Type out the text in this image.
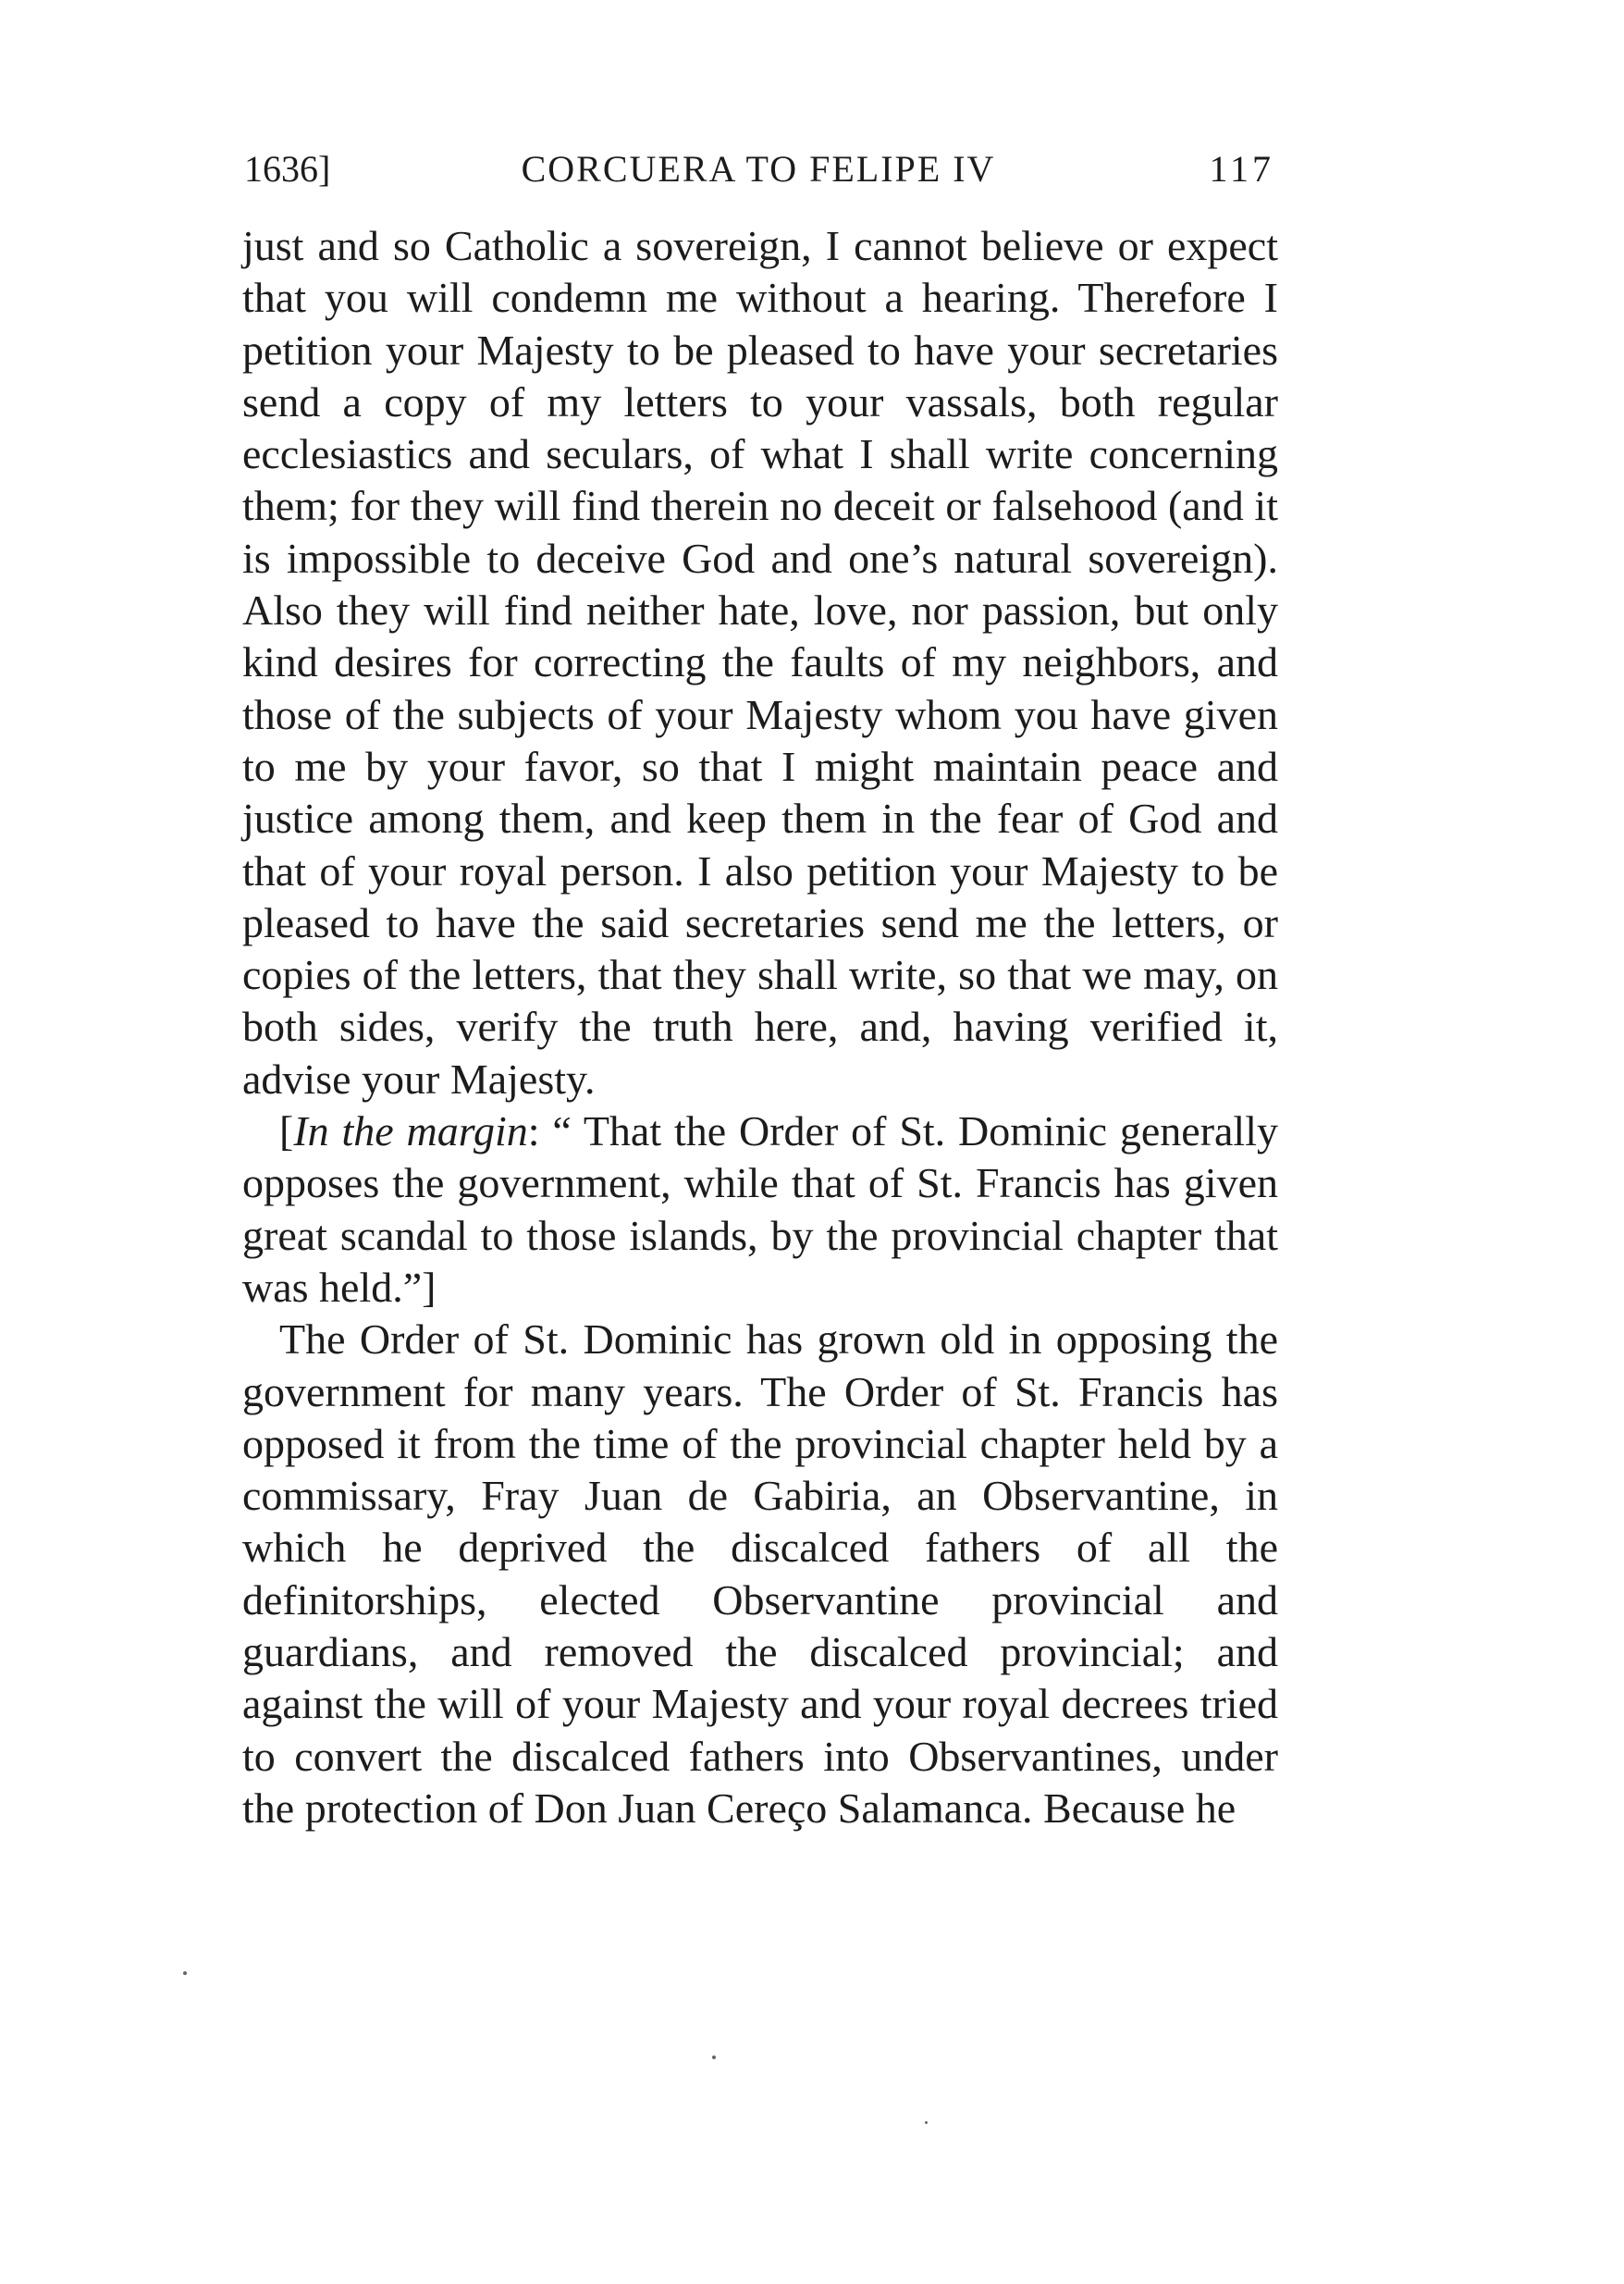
1636]	CORCUERA TO FELIPE IV	117

just and so Catholic a sovereign, I cannot believe or expect that you will condemn me without a hearing. Therefore I petition your Majesty to be pleased to have your secretaries send a copy of my letters to your vassals, both regular ecclesiastics and seculars, of what I shall write concerning them; for they will find therein no deceit or falsehood (and it is impossible to deceive God and one’s natural sovereign). Also they will find neither hate, love, nor passion, but only kind desires for correcting the faults of my neighbors, and those of the subjects of your Majesty whom you have given to me by your favor, so that I might maintain peace and justice among them, and keep them in the fear of God and that of your royal person. I also petition your Majesty to be pleased to have the said secretaries send me the letters, or copies of the letters, that they shall write, so that we may, on both sides, verify the truth here, and, having verified it, advise your Majesty.

[In the margin: “ That the Order of St. Dominic generally opposes the government, while that of St. Francis has given great scandal to those islands, by the provincial chapter that was held.”]

The Order of St. Dominic has grown old in opposing the government for many years. The Order of St. Francis has opposed it from the time of the provincial chapter held by a commissary, Fray Juan de Gabiria, an Observantine, in which he deprived the discalced fathers of all the definitorships, elected Observantine provincial and guardians, and removed the discalced provincial; and against the will of your Majesty and your royal decrees tried to convert the discalced fathers into Observantines, under the protection of Don Juan Cereço Salamanca. Because he
